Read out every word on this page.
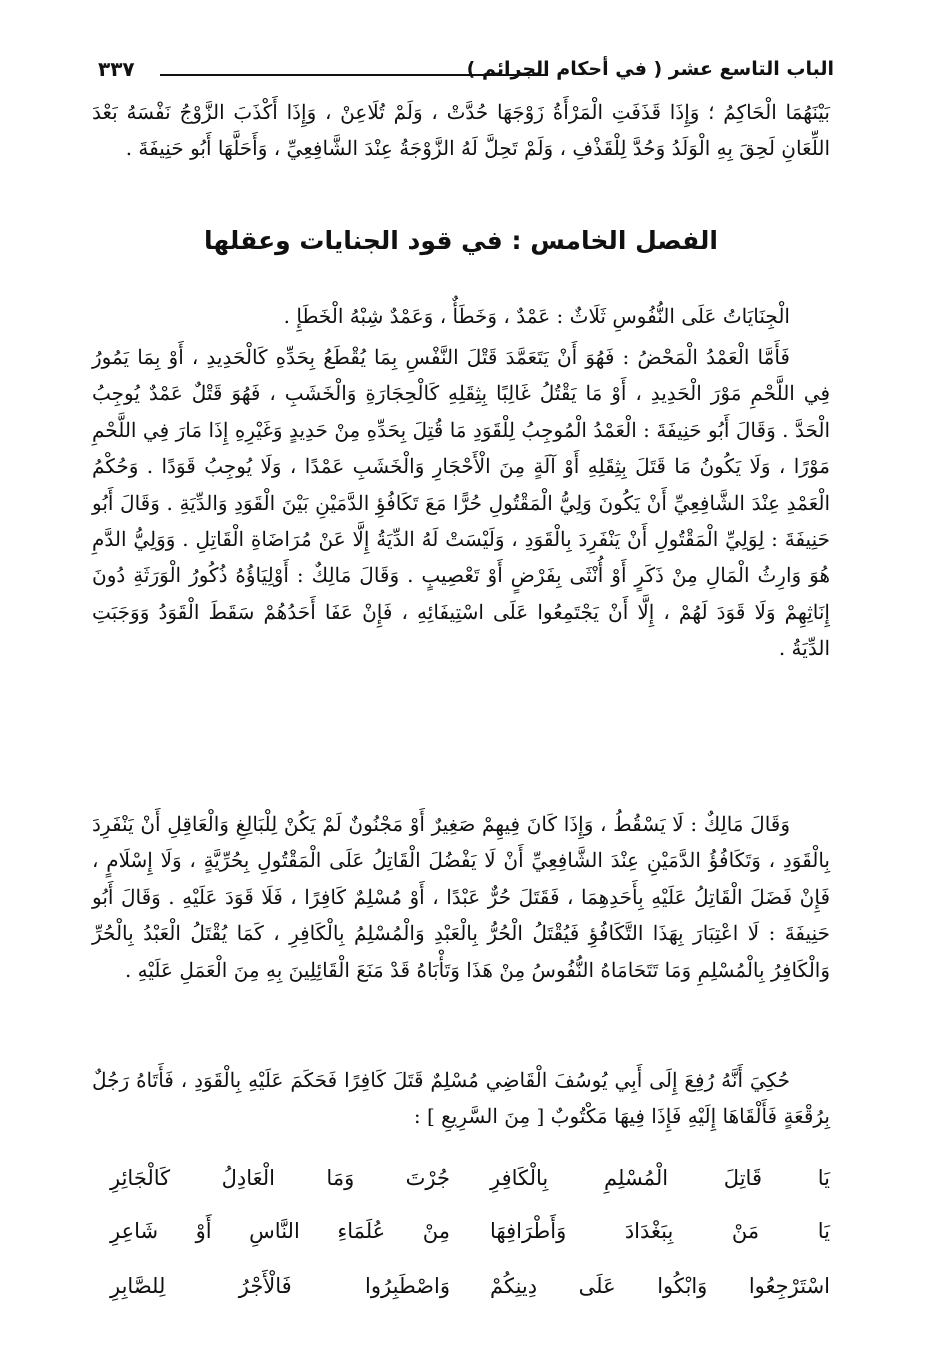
الباب التاسع عشر ( في أحكام الجرائم )
٣٣٧

بَيْنَهُمَا الْحَاكِمُ ؛ وَإِذَا قَذَفَتِ الْمَرْأَةُ زَوْجَهَا حُدَّتْ ، وَلَمْ تُلَاعِنْ ، وَإِذَا أَكْذَبَ الزَّوْجُ نَفْسَهُ بَعْدَ اللِّعَانِ لَحِقَ بِهِ الْوَلَدُ وَحُدَّ لِلْقَذْفِ ، وَلَمْ تَحِلَّ لَهُ الزَّوْجَةُ عِنْدَ الشَّافِعِيِّ ، وَأَحَلَّهَا أَبُو حَنِيفَةَ .

الفصل الخامس : في قود الجنايات وعقلها

الْجِنَايَاتُ عَلَى النُّفُوسِ ثَلَاثٌ : عَمْدٌ ، وَخَطَأٌ ، وَعَمْدٌ شِبْهُ الْخَطَإِ .

فَأَمَّا الْعَمْدُ الْمَحْضُ : فَهُوَ أَنْ يَتَعَمَّدَ قَتْلَ النَّفْسِ بِمَا يُقْطَعُ بِحَدِّهِ كَالْحَدِيدِ ، أَوْ بِمَا يَمُورُ فِي اللَّحْمِ مَوْرَ الْحَدِيدِ ، أَوْ مَا يَقْتُلُ غَالِبًا بِثِقَلِهِ كَالْحِجَارَةِ وَالْخَشَبِ ، فَهُوَ قَتْلٌ عَمْدٌ يُوجِبُ الْحَدَّ . وَقَالَ أَبُو حَنِيفَةَ : الْعَمْدُ الْمُوجِبُ لِلْقَوَدِ مَا قُتِلَ بِحَدِّهِ مِنْ حَدِيدٍ وَغَيْرِهِ إِذَا مَارَ فِي اللَّحْمِ مَوْرًا ، وَلَا يَكُونُ مَا قَتَلَ بِثِقَلِهِ أَوْ آلَةٍ مِنَ الْأَحْجَارِ وَالْخَشَبِ عَمْدًا ، وَلَا يُوجِبُ قَوَدًا . وَحُكْمُ الْعَمْدِ عِنْدَ الشَّافِعِيِّ أَنْ يَكُونَ وَلِيُّ الْمَقْتُولِ حُرًّا مَعَ تَكَافُؤِ الدَّمَيْنِ بَيْنَ الْقَوَدِ وَالدِّيَةِ . وَقَالَ أَبُو حَنِيفَةَ : لِوَلِيِّ الْمَقْتُولِ أَنْ يَنْفَرِدَ بِالْقَوَدِ ، وَلَيْسَتْ لَهُ الدِّيَةُ إِلَّا عَنْ مُرَاضَاةِ الْقَاتِلِ . وَوَلِيُّ الدَّمِ هُوَ وَارِثُ الْمَالِ مِنْ ذَكَرٍ أَوْ أُنْثَى بِفَرْضٍ أَوْ تَعْصِيبٍ . وَقَالَ مَالِكٌ : أَوْلِيَاؤُهُ ذُكُورُ الْوَرَثَةِ دُونَ إِنَاثِهِمْ وَلَا قَوَدَ لَهُمْ ، إِلَّا أَنْ يَجْتَمِعُوا عَلَى اسْتِيفَائِهِ ، فَإِنْ عَفَا أَحَدُهُمْ سَقَطَ الْقَوَدُ وَوَجَبَتِ الدِّيَةُ .

وَقَالَ مَالِكٌ : لَا يَسْقُطُ ، وَإِذَا كَانَ فِيهِمْ صَغِيرٌ أَوْ مَجْنُونٌ لَمْ يَكُنْ لِلْبَالِغِ وَالْعَاقِلِ أَنْ يَنْفَرِدَ بِالْقَوَدِ ، وَتَكَافُؤُ الدَّمَيْنِ عِنْدَ الشَّافِعِيِّ أَنْ لَا يَفْضُلَ الْقَاتِلُ عَلَى الْمَقْتُولِ بِحُرِّيَّةٍ ، وَلَا إِسْلَامٍ ، فَإِنْ فَضَلَ الْقَاتِلُ عَلَيْهِ بِأَحَدِهِمَا ، فَقَتَلَ حُرٌّ عَبْدًا ، أَوْ مُسْلِمٌ كَافِرًا ، فَلَا قَوَدَ عَلَيْهِ . وَقَالَ أَبُو حَنِيفَةَ : لَا اعْتِبَارَ بِهَذَا التَّكَافُؤِ فَيُقْتَلُ الْحُرُّ بِالْعَبْدِ وَالْمُسْلِمُ بِالْكَافِرِ ، كَمَا يُقْتَلُ الْعَبْدُ بِالْحُرِّ وَالْكَافِرُ بِالْمُسْلِمِ وَمَا تَتَحَامَاهُ النُّفُوسُ مِنْ هَذَا وَتَأْبَاهُ قَدْ مَنَعَ الْقَائِلِينَ بِهِ مِنَ الْعَمَلِ عَلَيْهِ .

حُكِيَ أَنَّهُ رُفِعَ إِلَى أَبِي يُوسُفَ الْقَاضِي مُسْلِمٌ قَتَلَ كَافِرًا فَحَكَمَ عَلَيْهِ بِالْقَوَدِ ، فَأَتَاهُ رَجُلٌ بِرُقْعَةٍ فَأَلْقَاهَا إِلَيْهِ فَإِذَا فِيهَا مَكْتُوبٌ [ مِنَ السَّرِيعِ ] :

يَا قَاتِلَ الْمُسْلِمِ بِالْكَافِرِ
جُرْتَ وَمَا الْعَادِلُ كَالْجَائِرِ
يَا مَنْ بِبَغْدَادَ وَأَطْرَافِهَا
مِنْ عُلَمَاءِ النَّاسِ أَوْ شَاعِرِ
اسْتَرْجِعُوا وَابْكُوا عَلَى دِينِكُمْ
وَاصْطَبِرُوا فَالْأَجْرُ لِلصَّابِرِ
